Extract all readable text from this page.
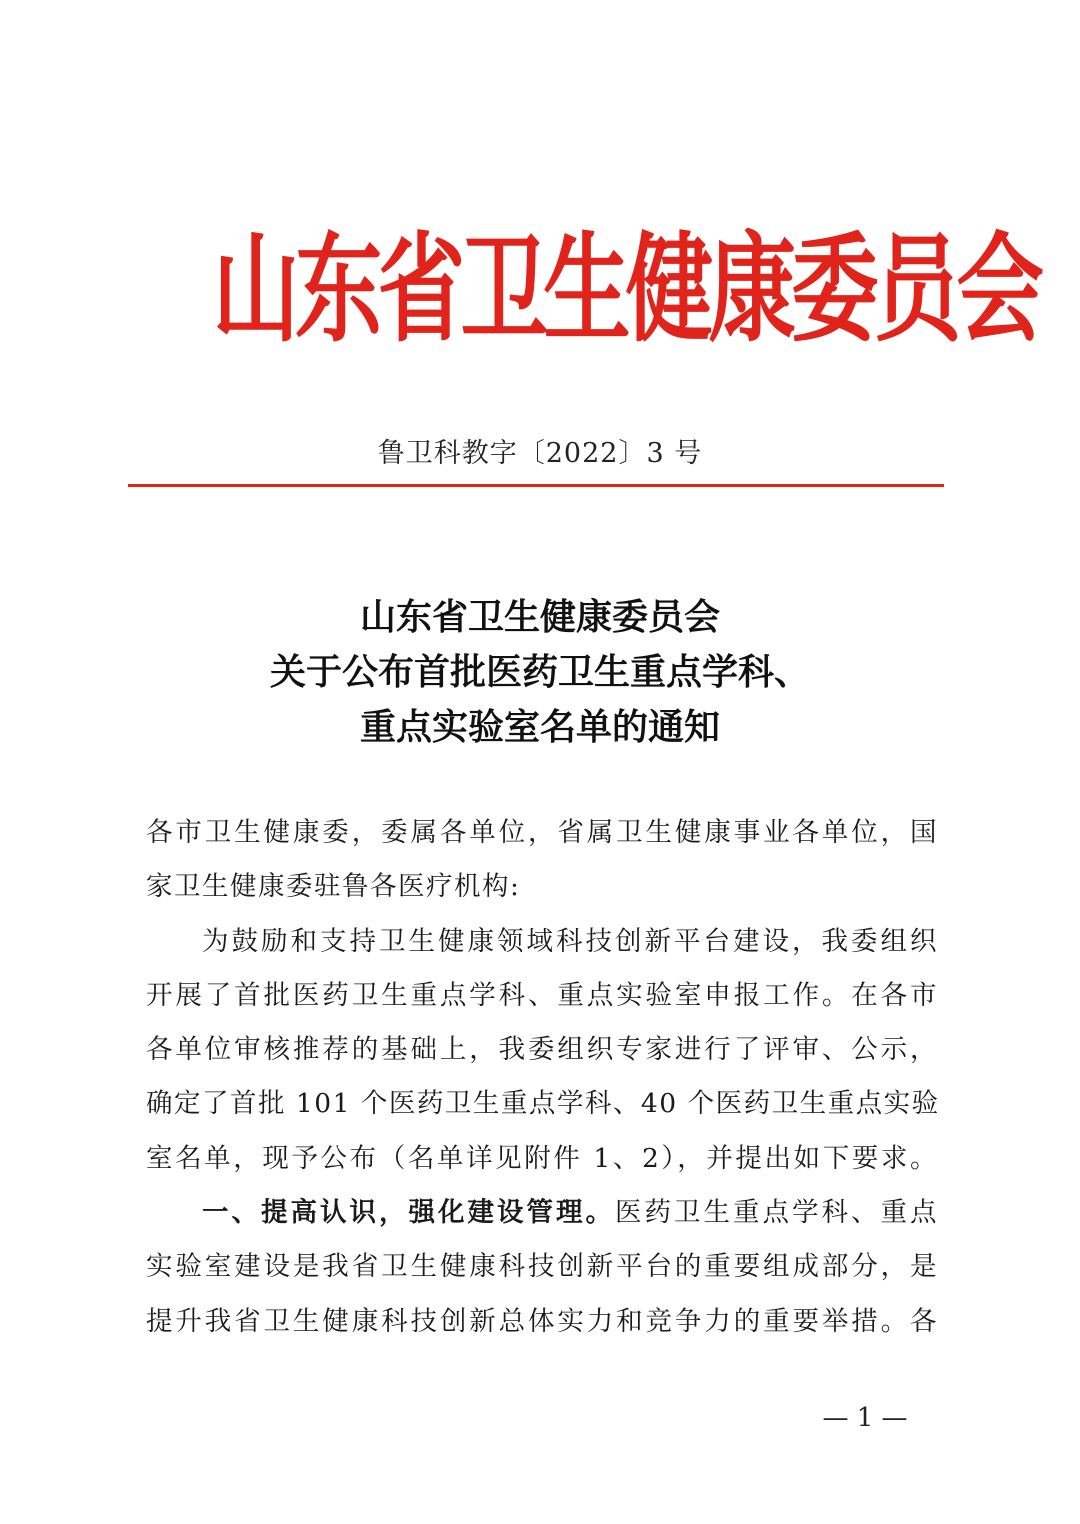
山东省卫生健康委员会
鲁卫科教字〔2022〕3 号
山东省卫生健康委员会
关于公布首批医药卫生重点学科、
重点实验室名单的通知
各市卫生健康委，委属各单位，省属卫生健康事业各单位，国
家卫生健康委驻鲁各医疗机构:
为鼓励和支持卫生健康领域科技创新平台建设，我委组织
开展了首批医药卫生重点学科、重点实验室申报工作。在各市
各单位审核推荐的基础上，我委组织专家进行了评审、公示，
确定了首批 101 个医药卫生重点学科、40 个医药卫生重点实验
室名单，现予公布（名单详见附件 1、2），并提出如下要求。
一、提高认识，强化建设管理。医药卫生重点学科、重点
实验室建设是我省卫生健康科技创新平台的重要组成部分，是
提升我省卫生健康科技创新总体实力和竞争力的重要举措。各
— 1 —
